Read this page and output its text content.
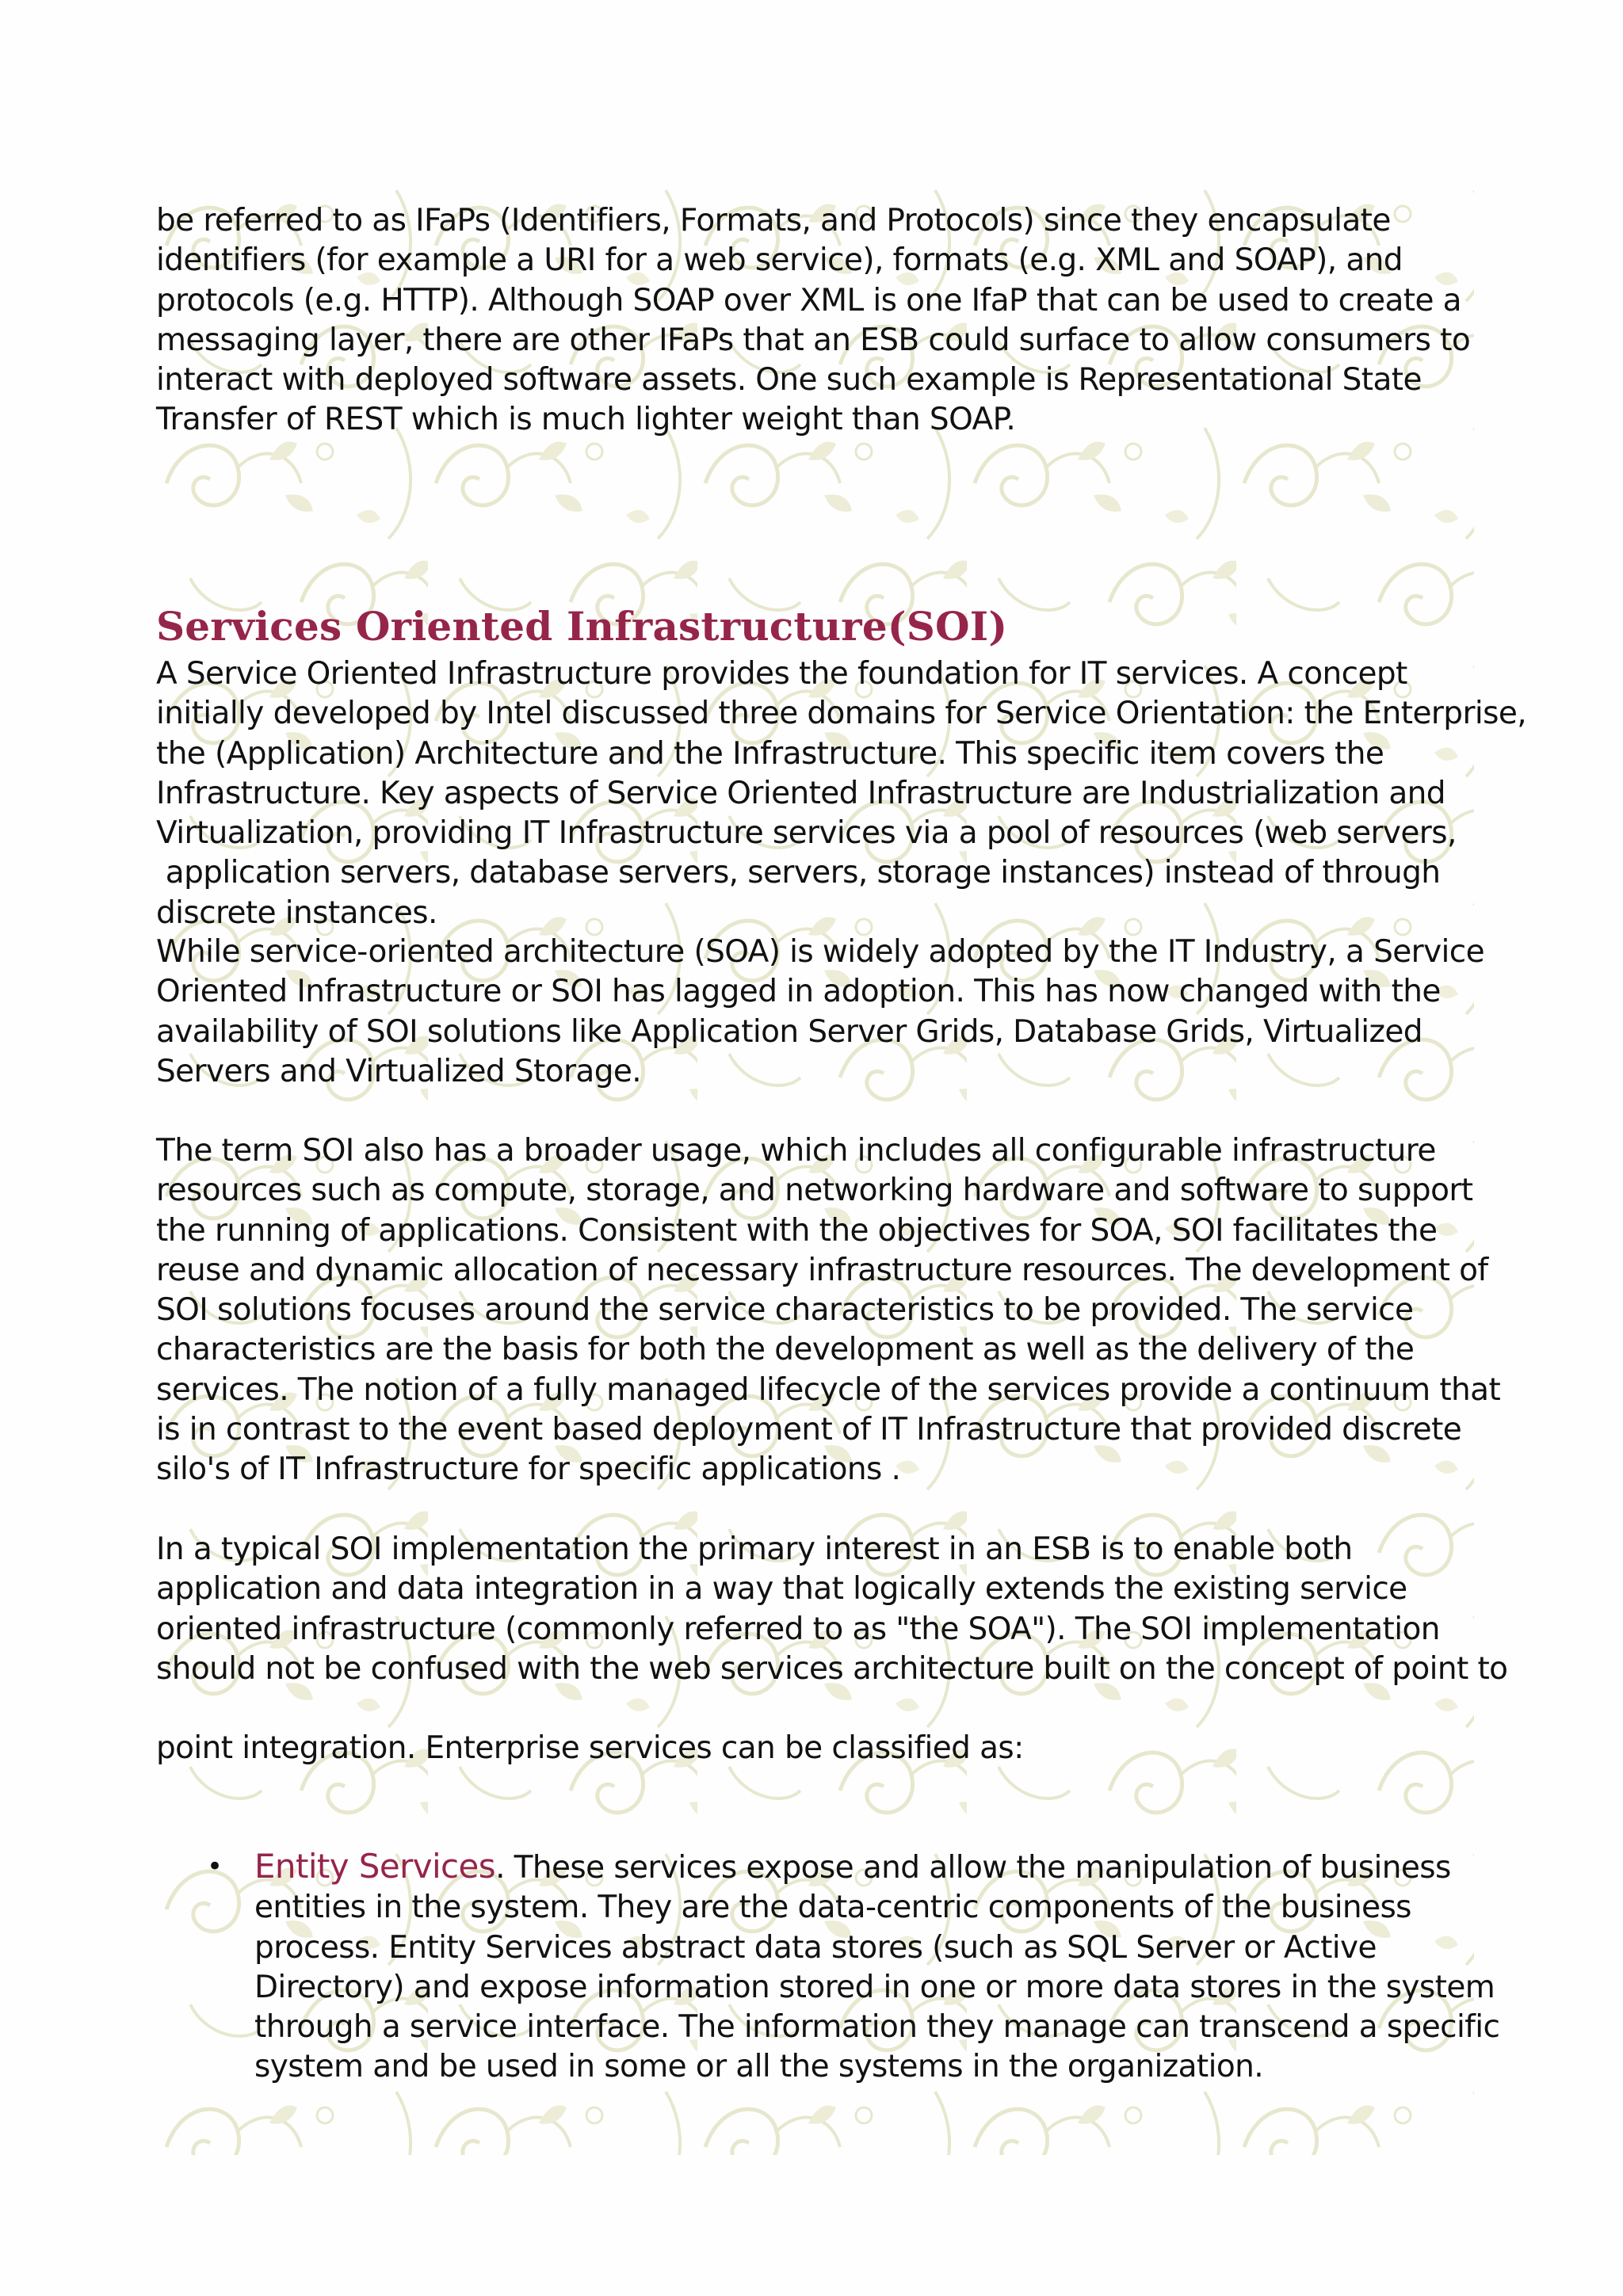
be referred to as IFaPs (Identifiers, Formats, and Protocols) since they encapsulate

identifiers (for example a URI for a web service), formats (e.g. XML and SOAP), and

protocols (e.g. HTTP). Although SOAP over XML is one IfaP that can be used to create a

messaging layer, there are other IFaPs that an ESB could surface to allow consumers to

interact with deployed software assets. One such example is Representational State

Transfer of REST which is much lighter weight than SOAP.

Services Oriented Infrastructure(SOI)

A Service Oriented Infrastructure provides the foundation for IT services. A concept

initially developed by Intel discussed three domains for Service Orientation: the Enterprise,

the (Application) Architecture and the Infrastructure. This specific item covers the

Infrastructure. Key aspects of Service Oriented Infrastructure are Industrialization and

Virtualization, providing IT Infrastructure services via a pool of resources (web servers,

application servers, database servers, servers, storage instances) instead of through

discrete instances.

While service-oriented architecture (SOA) is widely adopted by the IT Industry, a Service

Oriented Infrastructure or SOI has lagged in adoption. This has now changed with the

availability of SOI solutions like Application Server Grids, Database Grids, Virtualized

Servers and Virtualized Storage.

The term SOI also has a broader usage, which includes all configurable infrastructure

resources such as compute, storage, and networking hardware and software to support

the running of applications. Consistent with the objectives for SOA, SOI facilitates the

reuse and dynamic allocation of necessary infrastructure resources. The development of

SOI solutions focuses around the service characteristics to be provided. The service

characteristics are the basis for both the development as well as the delivery of the

services. The notion of a fully managed lifecycle of the services provide a continuum that

is in contrast to the event based deployment of IT Infrastructure that provided discrete

silo's of IT Infrastructure for specific applications .

In a typical SOI implementation the primary interest in an ESB is to enable both

application and data integration in a way that logically extends the existing service

oriented infrastructure (commonly referred to as "the SOA"). The SOI implementation

should not be confused with the web services architecture built on the concept of point to

point integration. Enterprise services can be classified as:

• Entity Services. These services expose and allow the manipulation of business
entities in the system. They are the data-centric components of the business
process. Entity Services abstract data stores (such as SQL Server or Active
Directory) and expose information stored in one or more data stores in the system
through a service interface. The information they manage can transcend a specific
system and be used in some or all the systems in the organization.
